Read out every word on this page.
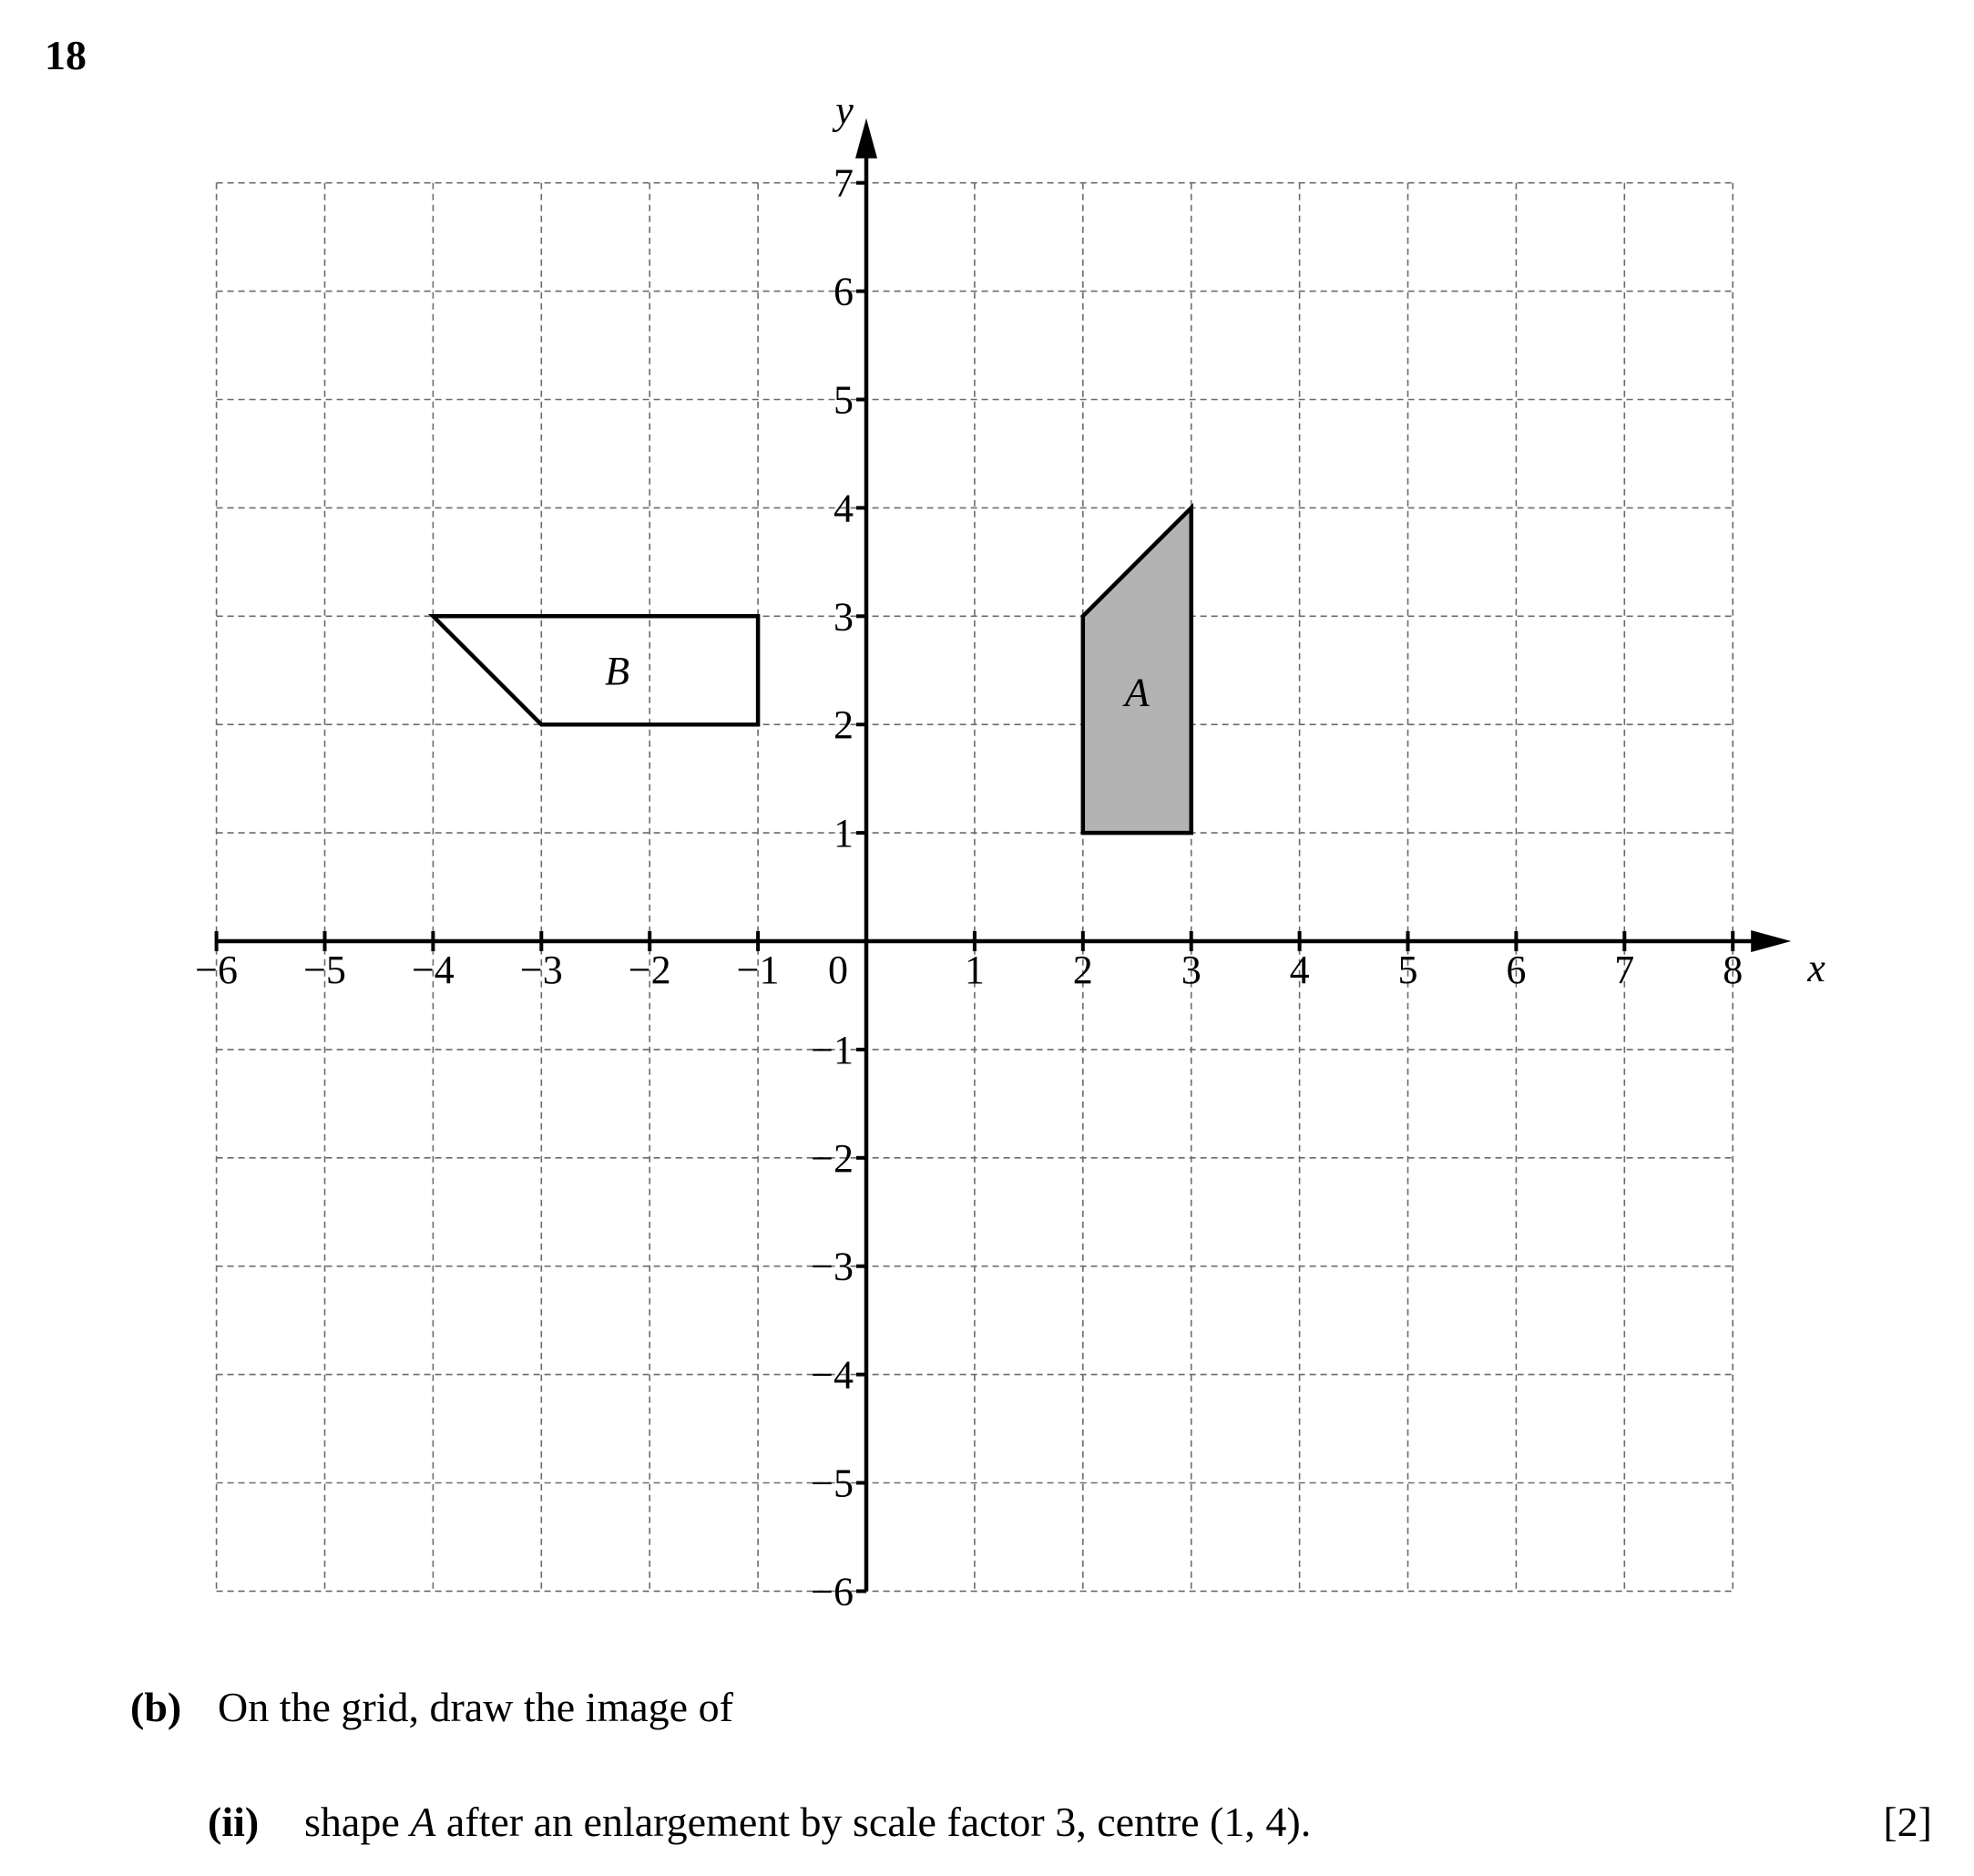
18
A
B
−6 −5 −4 −3 −2 −1	1 2 3 4 5 6 7 8
7
6
5
4
3
2
1
−1
−2
−3
−4
−5
−6
0	x
y
(b) On the grid, draw the image of
(ii) shape A after an enlargement by scale factor 3, centre (1, 4).	[2]
